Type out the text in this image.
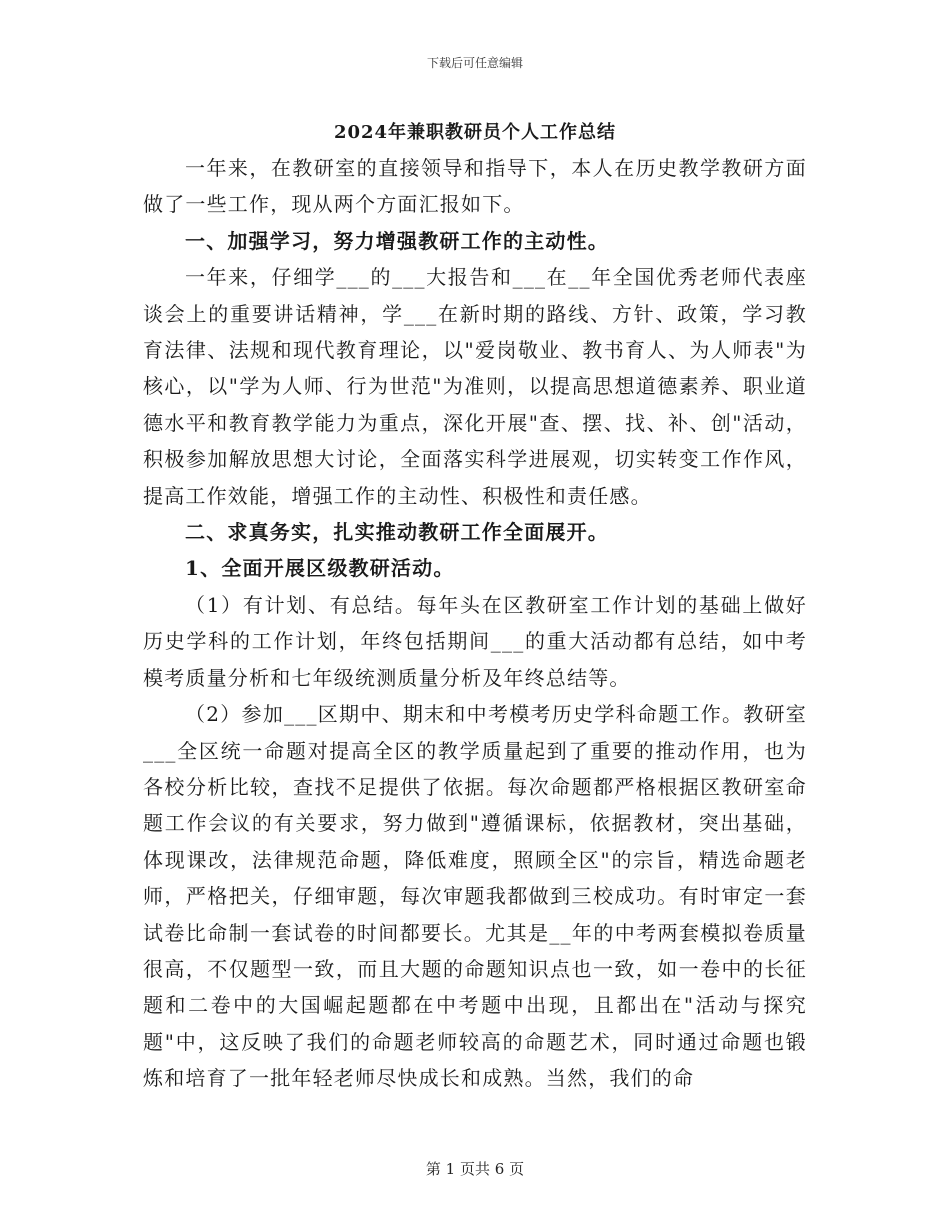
下载后可任意编辑
2024年兼职教研员个人工作总结

一年来，在教研室的直接领导和指导下，本人在历史教学教研方面做了一些工作，现从两个方面汇报如下。

一、加强学习，努力增强教研工作的主动性。

一年来，仔细学___的___大报告和___在__年全国优秀老师代表座谈会上的重要讲话精神，学___在新时期的路线、方针、政策，学习教育法律、法规和现代教育理论，以"爱岗敬业、教书育人、为人师表"为核心，以"学为人师、行为世范"为准则，以提高思想道德素养、职业道德水平和教育教学能力为重点，深化开展"查、摆、找、补、创"活动，积极参加解放思想大讨论，全面落实科学进展观，切实转变工作作风，提高工作效能，增强工作的主动性、积极性和责任感。

二、求真务实，扎实推动教研工作全面展开。

1、全面开展区级教研活动。

（1）有计划、有总结。每年头在区教研室工作计划的基础上做好历史学科的工作计划，年终包括期间___的重大活动都有总结，如中考模考质量分析和七年级统测质量分析及年终总结等。

（2）参加___区期中、期末和中考模考历史学科命题工作。教研室___全区统一命题对提高全区的教学质量起到了重要的推动作用，也为各校分析比较，查找不足提供了依据。每次命题都严格根据区教研室命题工作会议的有关要求，努力做到"遵循课标，依据教材，突出基础，体现课改，法律规范命题，降低难度，照顾全区"的宗旨，精选命题老师，严格把关，仔细审题，每次审题我都做到三校成功。有时审定一套试卷比命制一套试卷的时间都要长。尤其是__年的中考两套模拟卷质量很高，不仅题型一致，而且大题的命题知识点也一致，如一卷中的长征题和二卷中的大国崛起题都在中考题中出现，且都出在"活动与探究题"中，这反映了我们的命题老师较高的命题艺术，同时通过命题也锻炼和培育了一批年轻老师尽快成长和成熟。当然，我们的命

第 1 页共 6 页
